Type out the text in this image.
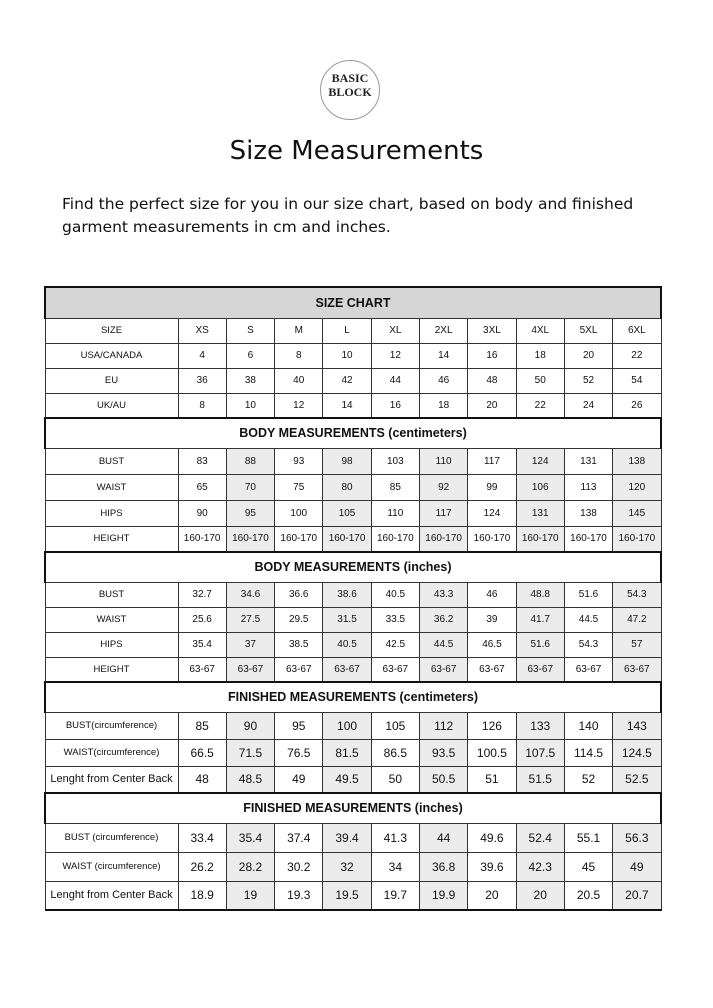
BASIC
BLOCK
Size Measurements

Find the perfect size for you in our size chart, based on body and finished garment measurements in cm and inches.

SIZE CHART										
SIZE	XS	S	M	L	XL	2XL	3XL	4XL	5XL	6XL
USA/CANADA	4	6	8	10	12	14	16	18	20	22
EU	36	38	40	42	44	46	48	50	52	54
UK/AU	8	10	12	14	16	18	20	22	24	26
BODY MEASUREMENTS (centimeters)										
BUST	83	88	93	98	103	110	117	124	131	138
WAIST	65	70	75	80	85	92	99	106	113	120
HIPS	90	95	100	105	110	117	124	131	138	145
HEIGHT	160-170	160-170	160-170	160-170	160-170	160-170	160-170	160-170	160-170	160-170
BODY MEASUREMENTS (inches)										
BUST	32.7	34.6	36.6	38.6	40.5	43.3	46	48.8	51.6	54.3
WAIST	25.6	27.5	29.5	31.5	33.5	36.2	39	41.7	44.5	47.2
HIPS	35.4	37	38.5	40.5	42.5	44.5	46.5	51.6	54.3	57
HEIGHT	63-67	63-67	63-67	63-67	63-67	63-67	63-67	63-67	63-67	63-67
FINISHED MEASUREMENTS (centimeters)										
BUST(circumference)	85	90	95	100	105	112	126	133	140	143
WAIST(circumference)	66.5	71.5	76.5	81.5	86.5	93.5	100.5	107.5	114.5	124.5
Lenght from Center Back	48	48.5	49	49.5	50	50.5	51	51.5	52	52.5
FINISHED MEASUREMENTS (inches)										
BUST (circumference)	33.4	35.4	37.4	39.4	41.3	44	49.6	52.4	55.1	56.3
WAIST (circumference)	26.2	28.2	30.2	32	34	36.8	39.6	42.3	45	49
Lenght from Center Back	18.9	19	19.3	19.5	19.7	19.9	20	20	20.5	20.7
